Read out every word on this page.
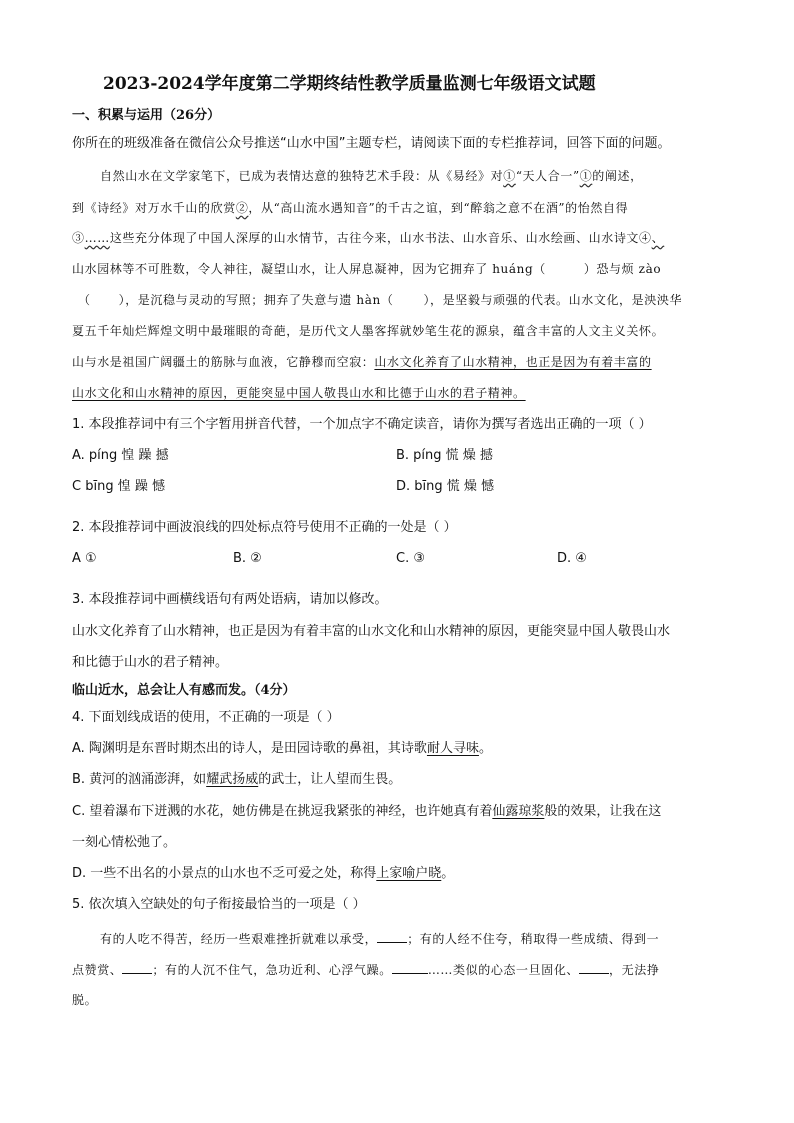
2023-2024学年度第二学期终结性教学质量监测七年级语文试题
一、积累与运用（26分）
你所在的班级准备在微信公众号推送“山水中国”主题专栏，请阅读下面的专栏推荐词，回答下面的问题。
自然山水在文学家笔下，已成为表情达意的独特艺术手段：从《易经》对①“天人合一”①的阐述，
到《诗经》对万水千山的欣赏②，从“高山流水遇知音”的千古之谊，到“醉翁之意不在酒”的怡然自得
③……这些充分体现了中国人深厚的山水情节，古往今来，山水书法、山水音乐、山水绘画、山水诗文④、
山水园林等不可胜数，令人神往，凝望山水，让人屏息凝神，因为它拥弃了 huáng（	）恐与烦 zào
（ ），是沉稳与灵动的写照；拥弃了失意与遗 hàn（	），是坚毅与顽强的代表。山水文化，是泱泱华
夏五千年灿烂辉煌文明中最璀眼的奇葩，是历代文人墨客挥就妙笔生花的源泉，蕴含丰富的人文主义关怀。
山与水是祖国广阔疆土的筋脉与血液，它静穆而空寂：山水文化养育了山水精神，也正是因为有着丰富的
山水文化和山水精神的原因，更能突显中国人敬畏山水和比德于山水的君子精神。
1. 本段推荐词中有三个字暂用拼音代替，一个加点字不确定读音，请你为撰写者选出正确的一项（ ）
A. píng 惶 躁 撼	B. píng 慌 燥 撼
C bīng 惶 躁 憾	D. bīng 慌 燥 憾
2. 本段推荐词中画波浪线的四处标点符号使用不正确的一处是（ ）
A ①	B. ②	C. ③	D. ④
3. 本段推荐词中画横线语句有两处语病，请加以修改。
山水文化养育了山水精神，也正是因为有着丰富的山水文化和山水精神的原因，更能突显中国人敬畏山水
和比德于山水的君子精神。
临山近水，总会让人有感而发。（4分）
4. 下面划线成语的使用，不正确的一项是（ ）
A. 陶渊明是东晋时期杰出的诗人，是田园诗歌的鼻祖，其诗歌耐人寻味。
B. 黄河的汹涌澎湃，如耀武扬威的武士，让人望而生畏。
C. 望着瀑布下迸溅的水花，她仿佛是在挑逗我紧张的神经，也许她真有着仙露琼浆般的效果，让我在这
一刻心情松弛了。
D. 一些不出名的小景点的山水也不乏可爱之处，称得上家喻户晓。
5. 依次填入空缺处的句子衔接最恰当的一项是（ ）
有的人吃不得苦，经历一些艰难挫折就难以承受，	；有的人经不住夸，稍取得一些成绩、得到一
点赞赏、	；有的人沉不住气，急功近利、心浮气躁。	……类似的心态一旦固化、	，无法挣
脱。
